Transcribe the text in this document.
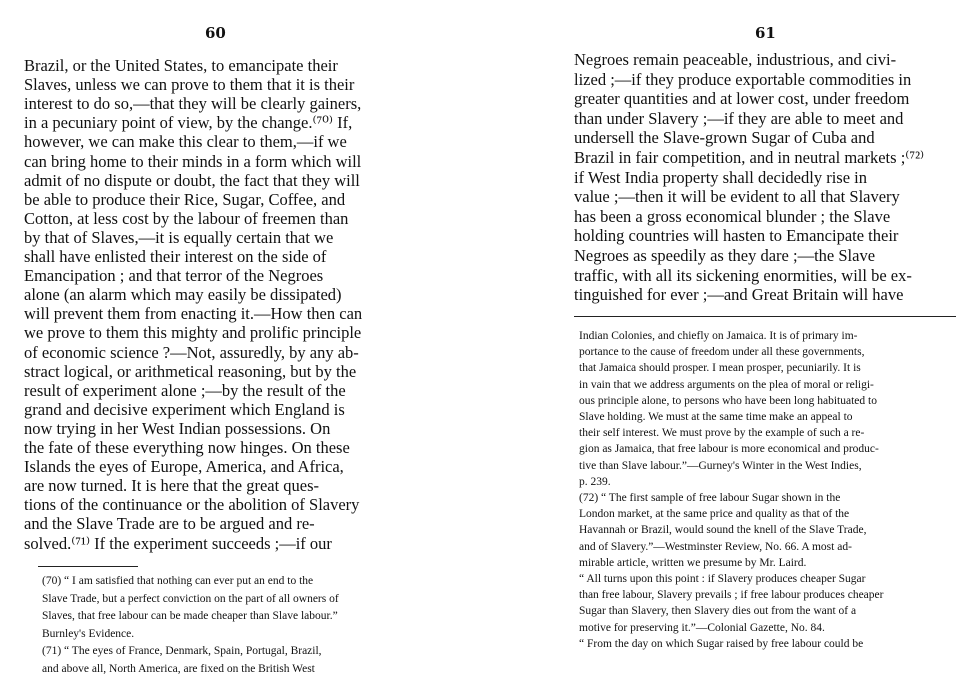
60
Brazil, or the United States, to emancipate their
Slaves, unless we can prove to them that it is their
interest to do so,—that they will be clearly gainers,
in a pecuniary point of view, by the change.⁽⁷⁰⁾ If,
however, we can make this clear to them,—if we
can bring home to their minds in a form which will
admit of no dispute or doubt, the fact that they will
be able to produce their Rice, Sugar, Coffee, and
Cotton, at less cost by the labour of freemen than
by that of Slaves,—it is equally certain that we
shall have enlisted their interest on the side of
Emancipation ; and that terror of the Negroes
alone (an alarm which may easily be dissipated)
will prevent them from enacting it.—How then can
we prove to them this mighty and prolific principle
of economic science ?—Not, assuredly, by any ab-
stract logical, or arithmetical reasoning, but by the
result of experiment alone ;—by the result of the
grand and decisive experiment which England is
now trying in her West Indian possessions. On
the fate of these everything now hinges. On these
Islands the eyes of Europe, America, and Africa,
are now turned. It is here that the great ques-
tions of the continuance or the abolition of Slavery
and the Slave Trade are to be argued and re-
solved.⁽⁷¹⁾ If the experiment succeeds ;—if our
(70) “ I am satisfied that nothing can ever put an end to the
Slave Trade, but a perfect conviction on the part of all owners of
Slaves, that free labour can be made cheaper than Slave labour.”
Burnley's Evidence.
(71) “ The eyes of France, Denmark, Spain, Portugal, Brazil,
and above all, North America, are fixed on the British West
61
Negroes remain peaceable, industrious, and civi-
lized ;—if they produce exportable commodities in
greater quantities and at lower cost, under freedom
than under Slavery ;—if they are able to meet and
undersell the Slave-grown Sugar of Cuba and
Brazil in fair competition, and in neutral markets ;⁽⁷²⁾
if West India property shall decidedly rise in
value ;—then it will be evident to all that Slavery
has been a gross economical blunder ; the Slave
holding countries will hasten to Emancipate their
Negroes as speedily as they dare ;—the Slave
traffic, with all its sickening enormities, will be ex-
tinguished for ever ;—and Great Britain will have
Indian Colonies, and chiefly on Jamaica. It is of primary im-
portance to the cause of freedom under all these governments,
that Jamaica should prosper. I mean prosper, pecuniarily. It is
in vain that we address arguments on the plea of moral or religi-
ous principle alone, to persons who have been long habituated to
Slave holding. We must at the same time make an appeal to
their self interest. We must prove by the example of such a re-
gion as Jamaica, that free labour is more economical and produc-
tive than Slave labour.”—Gurney's Winter in the West Indies,
p. 239.
(72) “ The first sample of free labour Sugar shown in the
London market, at the same price and quality as that of the
Havannah or Brazil, would sound the knell of the Slave Trade,
and of Slavery.”—Westminster Review, No. 66. A most ad-
mirable article, written we presume by Mr. Laird.
“ All turns upon this point : if Slavery produces cheaper Sugar
than free labour, Slavery prevails ; if free labour produces cheaper
Sugar than Slavery, then Slavery dies out from the want of a
motive for preserving it.”—Colonial Gazette, No. 84.
“ From the day on which Sugar raised by free labour could be
